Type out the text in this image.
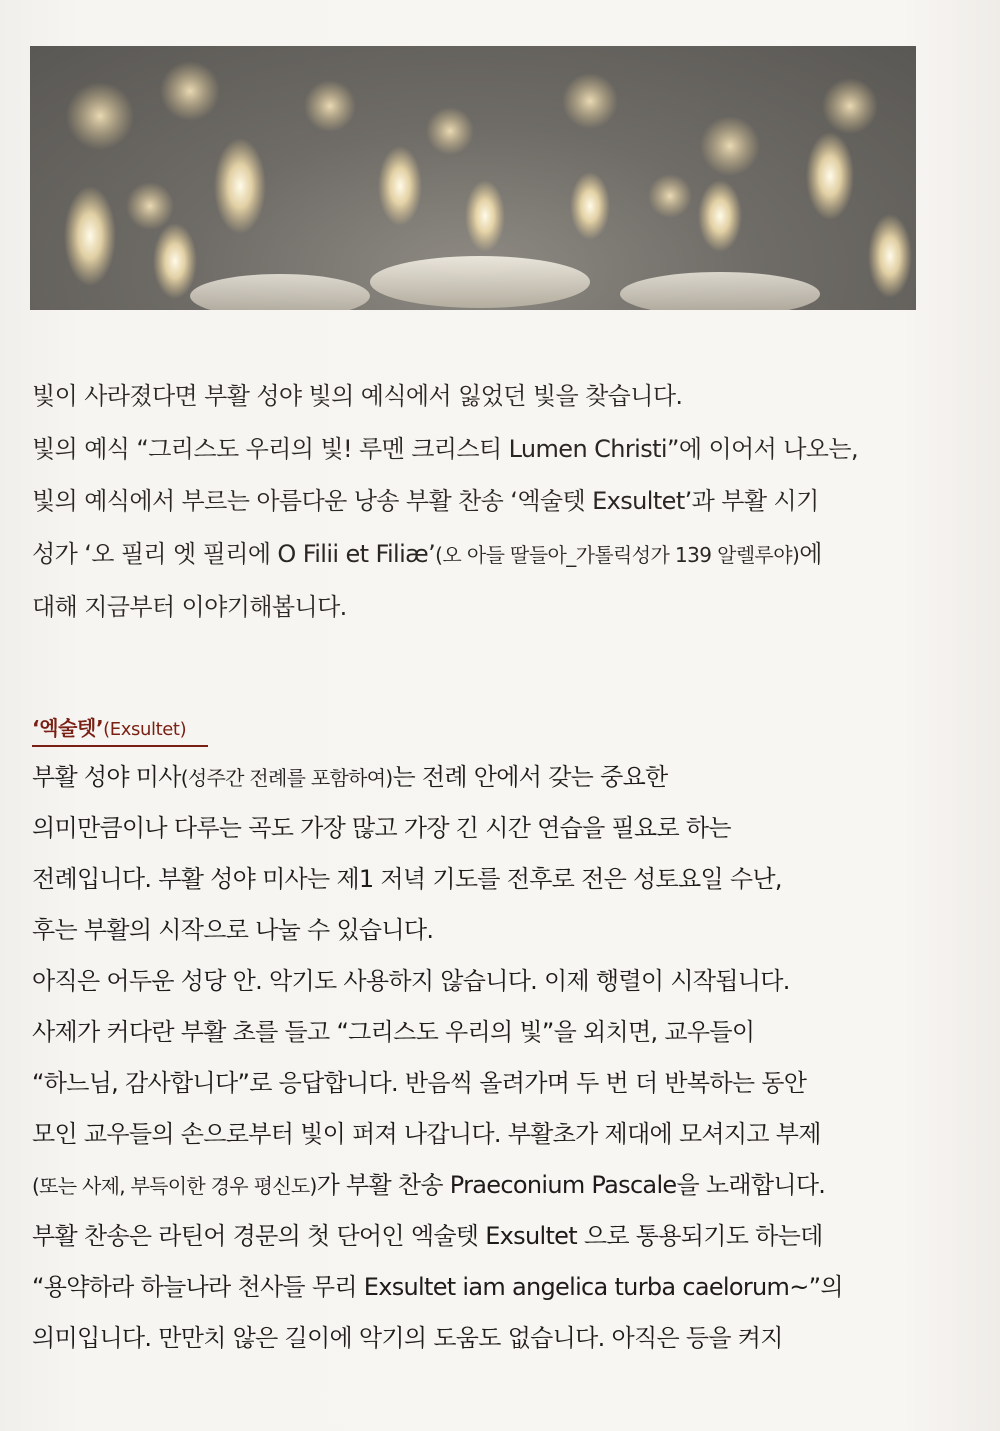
빛이 사라졌다면 부활 성야 빛의 예식에서 잃었던 빛을 찾습니다.
빛의 예식 “그리스도 우리의 빛! 루멘 크리스티 Lumen Christi”에 이어서 나오는,
빛의 예식에서 부르는 아름다운 낭송 부활 찬송 ‘엑술텟 Exsultet’과 부활 시기
성가 ‘오 필리 엣 필리에 O Filii et Filiæ’(오 아들 딸들아_가톨릭성가 139 알렐루야)에
대해 지금부터 이야기해봅니다.
‘엑술텟’(Exsultet)
부활 성야 미사(성주간 전례를 포함하여)는 전례 안에서 갖는 중요한
의미만큼이나 다루는 곡도 가장 많고 가장 긴 시간 연습을 필요로 하는
전례입니다. 부활 성야 미사는 제1 저녁 기도를 전후로 전은 성토요일 수난,
후는 부활의 시작으로 나눌 수 있습니다.
아직은 어두운 성당 안. 악기도 사용하지 않습니다. 이제 행렬이 시작됩니다.
사제가 커다란 부활 초를 들고 “그리스도 우리의 빛”을 외치면, 교우들이
“하느님, 감사합니다”로 응답합니다. 반음씩 올려가며 두 번 더 반복하는 동안
모인 교우들의 손으로부터 빛이 퍼져 나갑니다. 부활초가 제대에 모셔지고 부제
(또는 사제, 부득이한 경우 평신도)가 부활 찬송 Praeconium Pascale을 노래합니다.
부활 찬송은 라틴어 경문의 첫 단어인 엑술텟 Exsultet 으로 통용되기도 하는데
“용약하라 하늘나라 천사들 무리 Exsultet iam angelica turba caelorum~”의
의미입니다. 만만치 않은 길이에 악기의 도움도 없습니다. 아직은 등을 켜지
